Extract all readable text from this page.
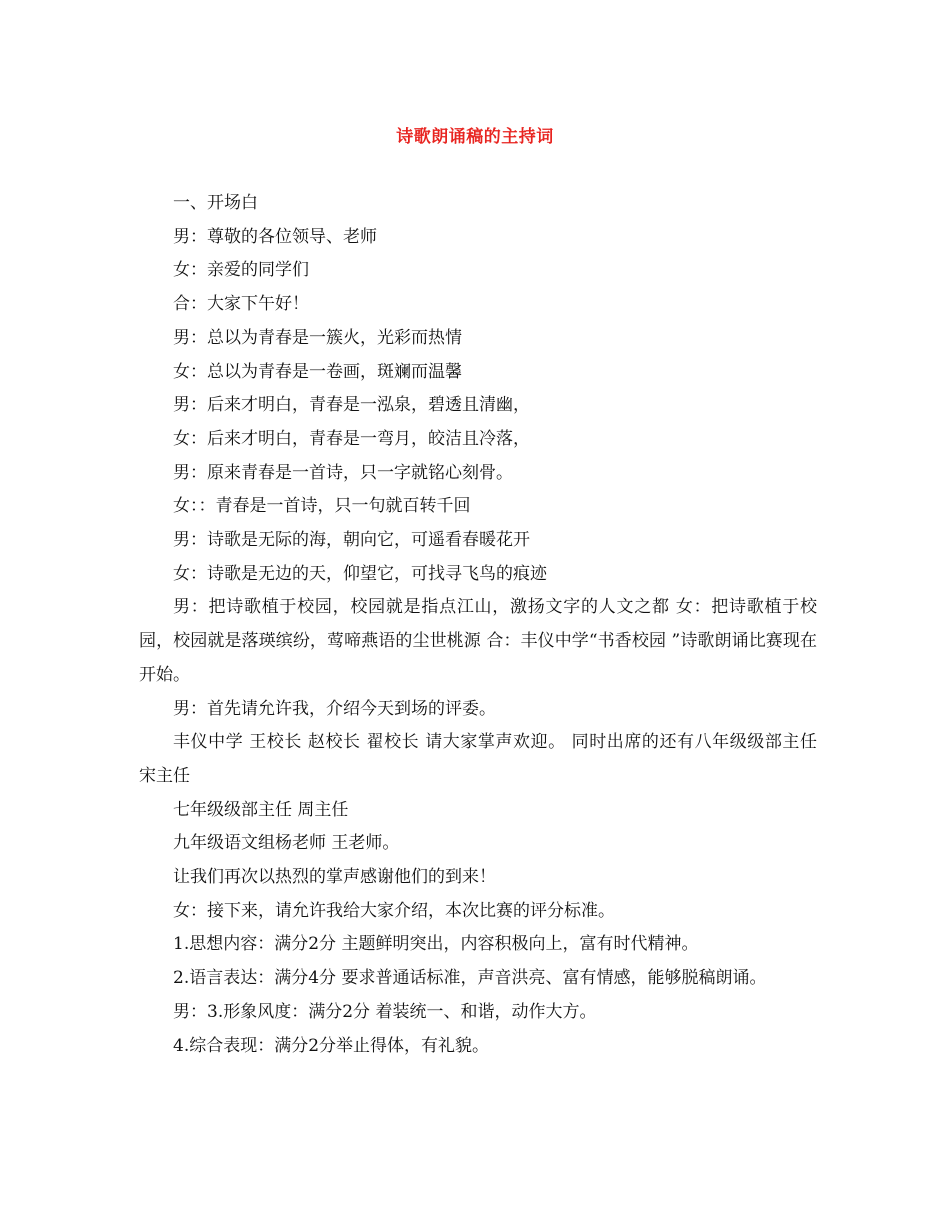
诗歌朗诵稿的主持词

一、开场白

男：尊敬的各位领导、老师

女：亲爱的同学们

合：大家下午好！

男：总以为青春是一簇火，光彩而热情

女：总以为青春是一卷画，斑斓而温馨

男：后来才明白，青春是一泓泉，碧透且清幽，

女：后来才明白，青春是一弯月，皎洁且冷落，

男：原来青春是一首诗，只一字就铭心刻骨。

女：：青春是一首诗，只一句就百转千回

男：诗歌是无际的海，朝向它，可遥看春暖花开

女：诗歌是无边的天，仰望它，可找寻飞鸟的痕迹

男：把诗歌植于校园，校园就是指点江山，激扬文字的人文之都 女：把诗歌植于校园，校园就是落瑛缤纷，莺啼燕语的尘世桃源 合：丰仪中学“书香校园 ”诗歌朗诵比赛现在开始。

男：首先请允许我，介绍今天到场的评委。

丰仪中学 王校长 赵校长 翟校长 请大家掌声欢迎。 同时出席的还有八年级级部主任 宋主任

七年级级部主任 周主任

九年级语文组杨老师 王老师。

让我们再次以热烈的掌声感谢他们的到来！

女：接下来，请允许我给大家介绍，本次比赛的评分标准。

1.思想内容：满分2分 主题鲜明突出，内容积极向上，富有时代精神。

2.语言表达：满分4分 要求普通话标准，声音洪亮、富有情感，能够脱稿朗诵。

男：3.形象风度：满分2分 着装统一、和谐，动作大方。

4.综合表现：满分2分举止得体，有礼貌。
